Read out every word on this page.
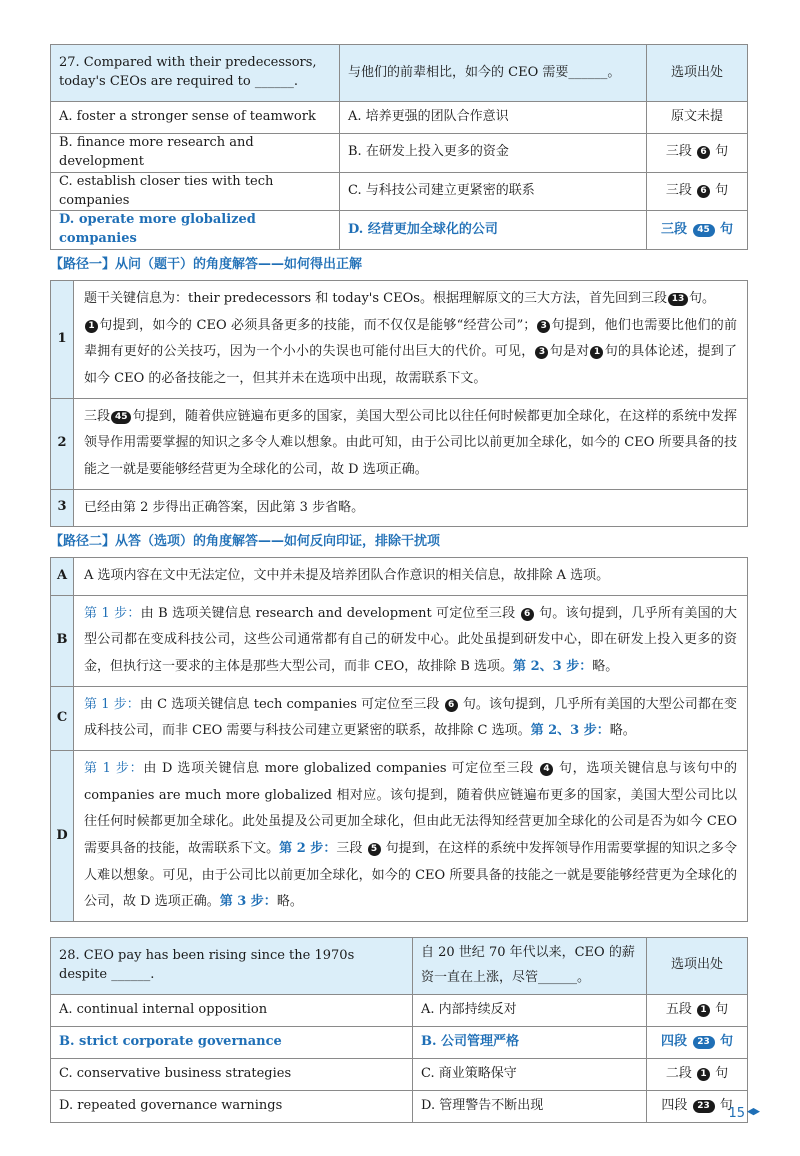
27. Compared with their predecessors, today's CEOs are required to ______.	与他们的前辈相比，如今的 CEO 需要______。	选项出处
A. foster a stronger sense of teamwork	A. 培养更强的团队合作意识	原文未提
B. finance more research and development	B. 在研发上投入更多的资金	三段 6 句
C. establish closer ties with tech companies	C. 与科技公司建立更紧密的联系	三段 6 句
D. operate more globalized companies	D. 经营更加全球化的公司	三段 45 句
【路径一】从问（题干）的角度解答——如何得出正解
1	题干关键信息为：their predecessors 和 today's CEOs。根据理解原文的三大方法，首先回到三段 13 句。
1 句提到，如今的 CEO 必须具备更多的技能，而不仅仅是能够“经营公司”； 3 句提到，他们也需要比他们的前辈拥有更好的公关技巧，因为一个小小的失误也可能付出巨大的代价。可见， 3 句是对 1 句的具体论述，提到了如今 CEO 的必备技能之一，但其并未在选项中出现，故需联系下文。
2	三段 45 句提到，随着供应链遍布更多的国家，美国大型公司比以往任何时候都更加全球化，在这样的系统中发挥领导作用需要掌握的知识之多令人难以想象。由此可知，由于公司比以前更加全球化，如今的 CEO 所要具备的技能之一就是要能够经营更为全球化的公司，故 D 选项正确。
3	已经由第 2 步得出正确答案，因此第 3 步省略。
【路径二】从答（选项）的角度解答——如何反向印证，排除干扰项
A	A 选项内容在文中无法定位，文中并未提及培养团队合作意识的相关信息，故排除 A 选项。
B	第 1 步：由 B 选项关键信息 research and development 可定位至三段 6 句。该句提到，几乎所有美国的大型公司都在变成科技公司，这些公司通常都有自己的研发中心。此处虽提到研发中心，即在研发上投入更多的资金，但执行这一要求的主体是那些大型公司，而非 CEO，故排除 B 选项。第 2、3 步：略。
C	第 1 步：由 C 选项关键信息 tech companies 可定位至三段 6 句。该句提到，几乎所有美国的大型公司都在变成科技公司，而非 CEO 需要与科技公司建立更紧密的联系，故排除 C 选项。第 2、3 步：略。
D	第 1 步：由 D 选项关键信息 more globalized companies 可定位至三段 4 句，选项关键信息与该句中的 companies are much more globalized 相对应。该句提到，随着供应链遍布更多的国家，美国大型公司比以往任何时候都更加全球化。此处虽提及公司更加全球化，但由此无法得知经营更加全球化的公司是否为如今 CEO 需要具备的技能，故需联系下文。第 2 步：三段 5 句提到，在这样的系统中发挥领导作用需要掌握的知识之多令人难以想象。可见，由于公司比以前更加全球化，如今的 CEO 所要具备的技能之一就是要能够经营更为全球化的公司，故 D 选项正确。第 3 步：略。
28. CEO pay has been rising since the 1970s despite ______.	自 20 世纪 70 年代以来，CEO 的薪资一直在上涨，尽管______。	选项出处
A. continual internal opposition	A. 内部持续反对	五段 1 句
B. strict corporate governance	B. 公司管理严格	四段 23 句
C. conservative business strategies	C. 商业策略保守	二段 1 句
D. repeated governance warnings	D. 管理警告不断出现	四段 23 句
15
